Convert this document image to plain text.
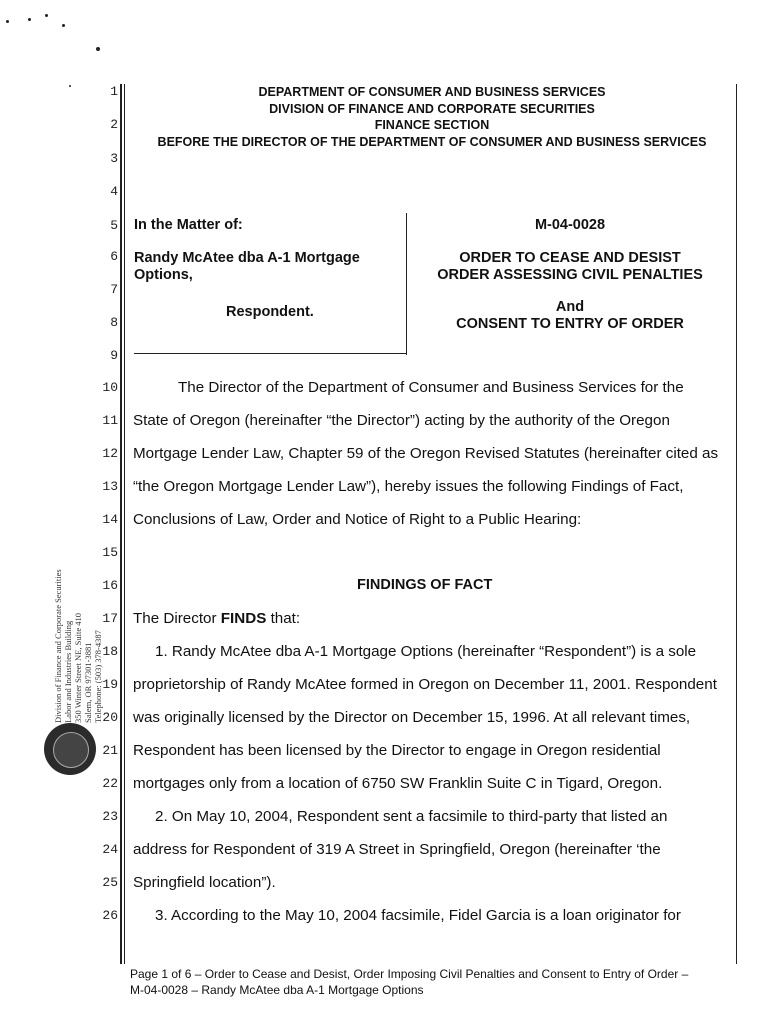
DEPARTMENT OF CONSUMER AND BUSINESS SERVICES
DIVISION OF FINANCE AND CORPORATE SECURITIES
FINANCE SECTION
BEFORE THE DIRECTOR OF THE DEPARTMENT OF CONSUMER AND BUSINESS SERVICES
1
2
3
4
5
6
7
8
9
10
11
12
13
14
15
16
17
18
19
20
21
22
23
24
25
26
In the Matter of:
Randy McAtee dba A-1 Mortgage
Options,
Respondent.
M-04-0028
ORDER TO CEASE AND DESIST
ORDER ASSESSING CIVIL PENALTIES
And
CONSENT TO ENTRY OF ORDER
The Director of the Department of Consumer and Business Services for the
State of Oregon (hereinafter “the Director”) acting by the authority of the Oregon
Mortgage Lender Law, Chapter 59 of the Oregon Revised Statutes (hereinafter cited as
“the Oregon Mortgage Lender Law”), hereby issues the following Findings of Fact,
Conclusions of Law, Order and Notice of Right to a Public Hearing:
FINDINGS OF FACT
The Director FINDS that:
1. Randy McAtee dba A-1 Mortgage Options (hereinafter “Respondent”) is a sole
proprietorship of Randy McAtee formed in Oregon on December 11, 2001. Respondent
was originally licensed by the Director on December 15, 1996. At all relevant times,
Respondent has been licensed by the Director to engage in Oregon residential
mortgages only from a location of 6750 SW Franklin Suite C in Tigard, Oregon.
2. On May 10, 2004, Respondent sent a facsimile to third-party that listed an
address for Respondent of 319 A Street in Springfield, Oregon (hereinafter ‘the
Springfield location”).
3. According to the May 10, 2004 facsimile, Fidel Garcia is a loan originator for
Division of Finance and Corporate Securities Labor and Industries Building 350 Winter Street NE, Suite 410 Salem, OR 97301-3881 Telephone: (503) 378-4387
Page 1 of 6 – Order to Cease and Desist, Order Imposing Civil Penalties and Consent to Entry of Order –
M-04-0028 – Randy McAtee dba A-1 Mortgage Options
